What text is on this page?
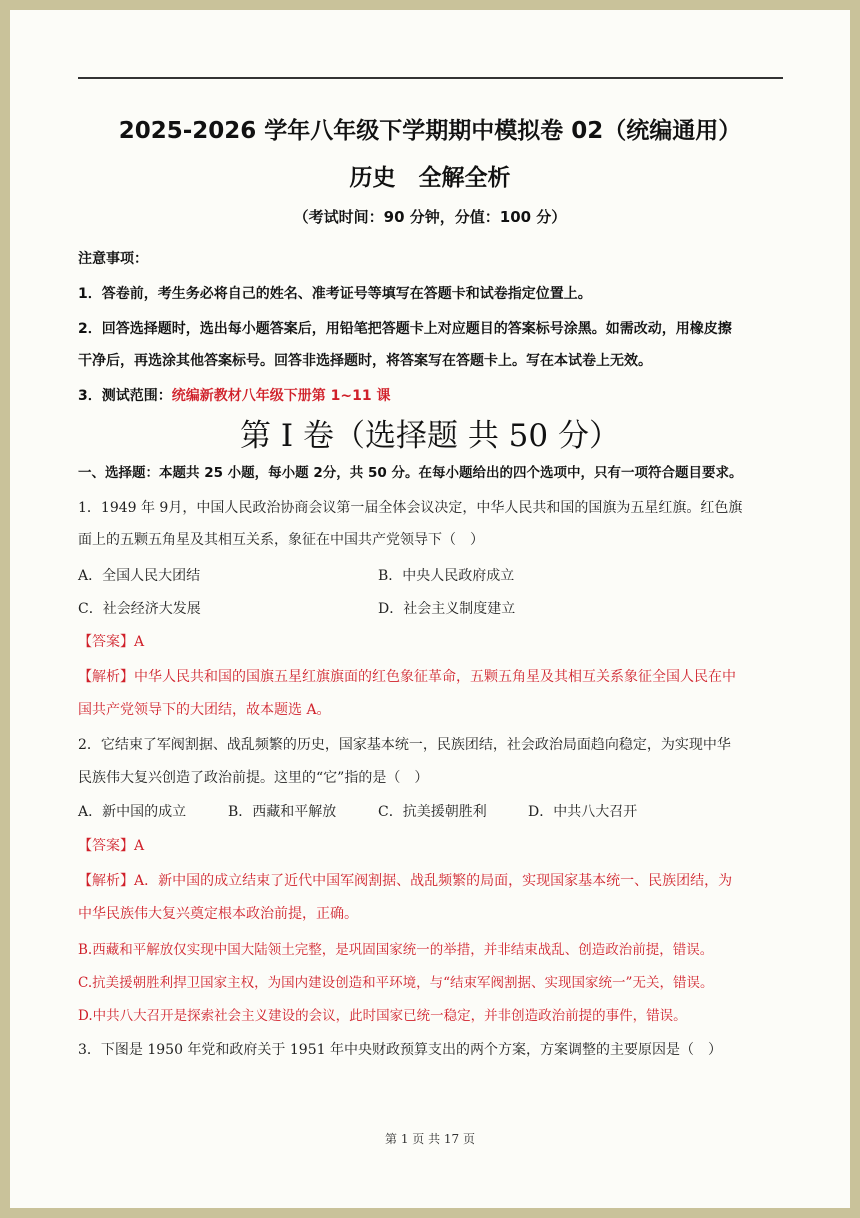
2025-2026 学年八年级下学期期中模拟卷 02（统编通用）
历史　全解全析
（考试时间：90 分钟，分值：100 分）
注意事项：
1．答卷前，考生务必将自己的姓名、准考证号等填写在答题卡和试卷指定位置上。
2．回答选择题时，选出每小题答案后，用铅笔把答题卡上对应题目的答案标号涂黑。如需改动，用橡皮擦
干净后，再选涂其他答案标号。回答非选择题时，将答案写在答题卡上。写在本试卷上无效。
3．测试范围：统编新教材八年级下册第 1~11 课
第 I 卷（选择题 共 50 分）
一、选择题：本题共 25 小题，每小题 2分，共 50 分。在每小题给出的四个选项中，只有一项符合题目要求。
1．1949 年 9月，中国人民政治协商会议第一届全体会议决定，中华人民共和国的国旗为五星红旗。红色旗
面上的五颗五角星及其相互关系，象征在中国共产党领导下（　）
A．全国人民大团结	B．中央人民政府成立
C．社会经济大发展	D．社会主义制度建立
【答案】A
【解析】中华人民共和国的国旗五星红旗旗面的红色象征革命，五颗五角星及其相互关系象征全国人民在中
国共产党领导下的大团结，故本题选 A。
2．它结束了军阀割据、战乱频繁的历史，国家基本统一，民族团结，社会政治局面趋向稳定，为实现中华
民族伟大复兴创造了政治前提。这里的“它”指的是（　）
A．新中国的成立	B．西藏和平解放	C．抗美援朝胜利	D．中共八大召开
【答案】A
【解析】A．新中国的成立结束了近代中国军阀割据、战乱频繁的局面，实现国家基本统一、民族团结，为
中华民族伟大复兴奠定根本政治前提，正确。
B.西藏和平解放仅实现中国大陆领土完整，是巩固国家统一的举措，并非结束战乱、创造政治前提，错误。
C.抗美援朝胜利捍卫国家主权，为国内建设创造和平环境，与“结束军阀割据、实现国家统一”无关，错误。
D.中共八大召开是探索社会主义建设的会议，此时国家已统一稳定，并非创造政治前提的事件，错误。
3．下图是 1950 年党和政府关于 1951 年中央财政预算支出的两个方案，方案调整的主要原因是（　）
第 1 页 共 17 页
